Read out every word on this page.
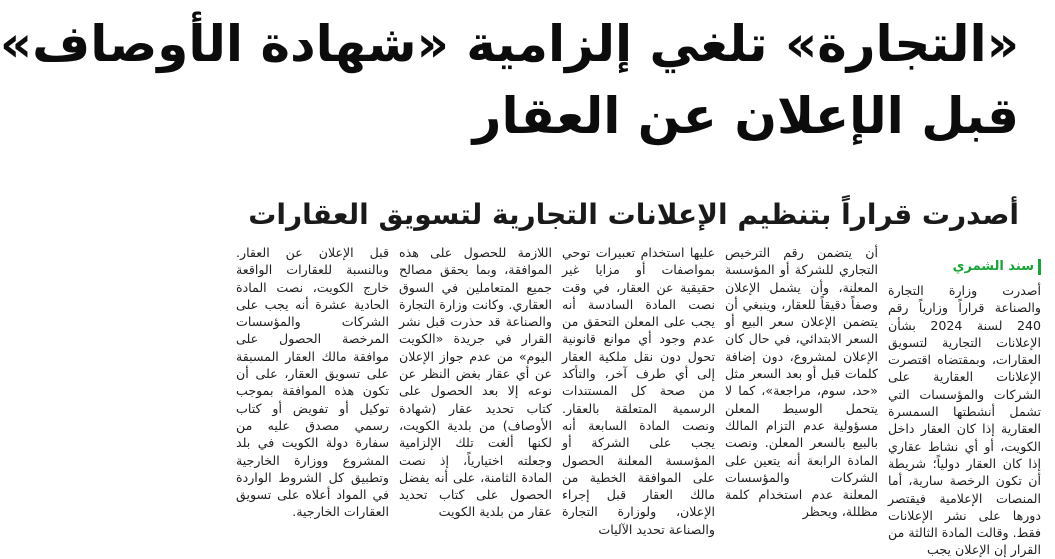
«التجارة» تلغي إلزامية «شهادة الأوصاف»
قبل الإعلان عن العقار
أصدرت قراراً بتنظيم الإعلانات التجارية لتسويق العقارات
سند الشمري

أصدرت وزارة التجارة والصناعة قراراً وزارياً رقم 240 لسنة 2024 بشأن الإعلانات التجارية لتسويق العقارات، وبمقتضاه اقتصرت الإعلانات العقارية على الشركات والمؤسسات التي تشمل أنشطتها السمسرة العقارية إذا كان العقار داخل الكويت، أو أي نشاط عقاري إذا كان العقار دولياً؛ شريطة أن تكون الرخصة سارية، أما المنصات الإعلامية فيقتصر دورها على نشر الإعلانات فقط. وقالت المادة الثالثة من القرار إن الإعلان يجب

أن يتضمن رقم الترخيص التجاري للشركة أو المؤسسة المعلنة، وأن يشمل الإعلان وصفاً دقيقاً للعقار، وينبغي أن يتضمن الإعلان سعر البيع أو السعر الابتدائي، في حال كان الإعلان لمشروع، دون إضافة كلمات قبل أو بعد السعر مثل «حد، سوم، مراجعة»، كما لا يتحمل الوسيط المعلن مسؤولية عدم التزام المالك بالبيع بالسعر المعلن. ونصت المادة الرابعة أنه يتعين على الشركات والمؤسسات المعلنة عدم استخدام كلمة مظللة، ويحظر

عليها استخدام تعبيرات توحي بمواصفات أو مزايا غير حقيقية عن العقار، في وقت نصت المادة السادسة أنه يجب على المعلن التحقق من عدم وجود أي موانع قانونية تحول دون نقل ملكية العقار إلى أي طرف آخر، والتأكد من صحة كل المستندات الرسمية المتعلقة بالعقار. ونصت المادة السابعة أنه يجب على الشركة أو المؤسسة المعلنة الحصول على الموافقة الخطية من مالك العقار قبل إجراء الإعلان، ولوزارة التجارة والصناعة تحديد الآليات

اللازمة للحصول على هذه الموافقة، وبما يحقق مصالح جميع المتعاملين في السوق العقاري. وكانت وزارة التجارة والصناعة قد حذرت قبل نشر القرار في جريدة «الكويت اليوم» من عدم جواز الإعلان عن أي عقار بغض النظر عن نوعه إلا بعد الحصول على كتاب تحديد عقار (شهادة الأوصاف) من بلدية الكويت، لكنها ألغت تلك الإلزامية وجعلته اختيارياً، إذ نصت المادة الثامنة، على أنه يفضل الحصول على كتاب تحديد عقار من بلدية الكويت

قبل الإعلان عن العقار. وبالنسبة للعقارات الواقعة خارج الكويت، نصت المادة الحادية عشرة أنه يجب على الشركات والمؤسسات المرخصة الحصول على موافقة مالك العقار المسبقة على تسويق العقار، على أن تكون هذه الموافقة بموجب توكيل أو تفويض أو كتاب رسمي مصدق عليه من سفارة دولة الكويت في بلد المشروع ووزارة الخارجية وتطبيق كل الشروط الواردة في المواد أعلاه على تسويق العقارات الخارجية.
